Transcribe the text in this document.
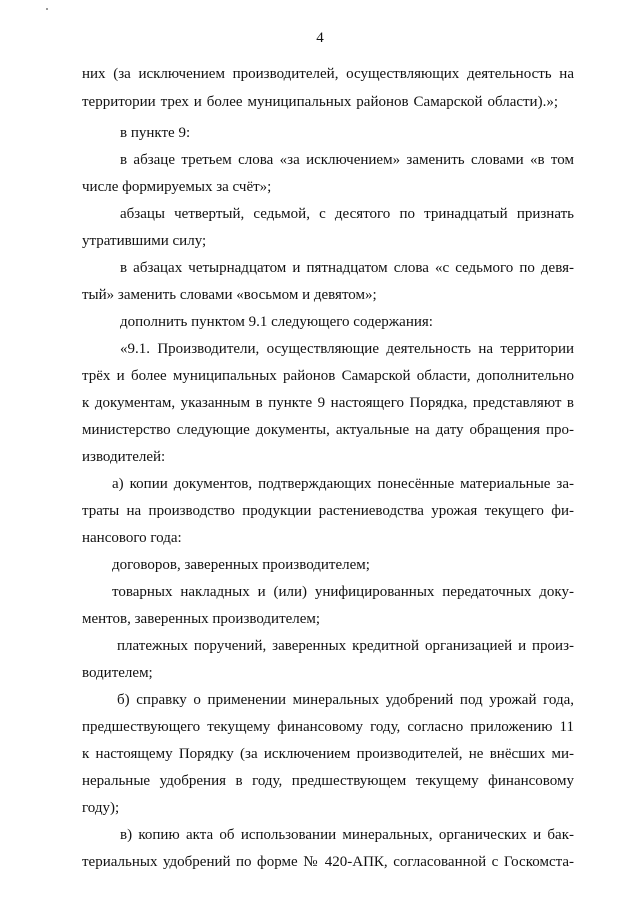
4
них (за исключением производителей, осуществляющих деятельность на
территории трех и более муниципальных районов Самарской области).»;
в пункте 9:
в абзаце третьем слова «за исключением» заменить словами «в том
числе формируемых за счёт»;
абзацы четвертый, седьмой, с десятого по тринадцатый признать
утратившими силу;
в абзацах четырнадцатом и пятнадцатом слова «с седьмого по девя-
тый» заменить словами «восьмом и девятом»;
дополнить пунктом 9.1 следующего содержания:
«9.1. Производители, осуществляющие деятельность на территории
трёх и более муниципальных районов Самарской области, дополнительно
к документам, указанным в пункте 9 настоящего Порядка, представляют в
министерство следующие документы, актуальные на дату обращения про-
изводителей:
а) копии документов, подтверждающих понесённые материальные за-
траты на производство продукции растениеводства урожая текущего фи-
нансового года:
договоров, заверенных производителем;
товарных накладных и (или) унифицированных передаточных доку-
ментов, заверенных производителем;
платежных поручений, заверенных кредитной организацией и произ-
водителем;
б) справку о применении минеральных удобрений под урожай года,
предшествующего текущему финансовому году, согласно приложению 11
к настоящему Порядку (за исключением производителей, не внёсших ми-
неральные удобрения в году, предшествующем текущему финансовому
году);
в) копию акта об использовании минеральных, органических и бак-
териальных удобрений по форме № 420-АПК, согласованной с Госкомста-
